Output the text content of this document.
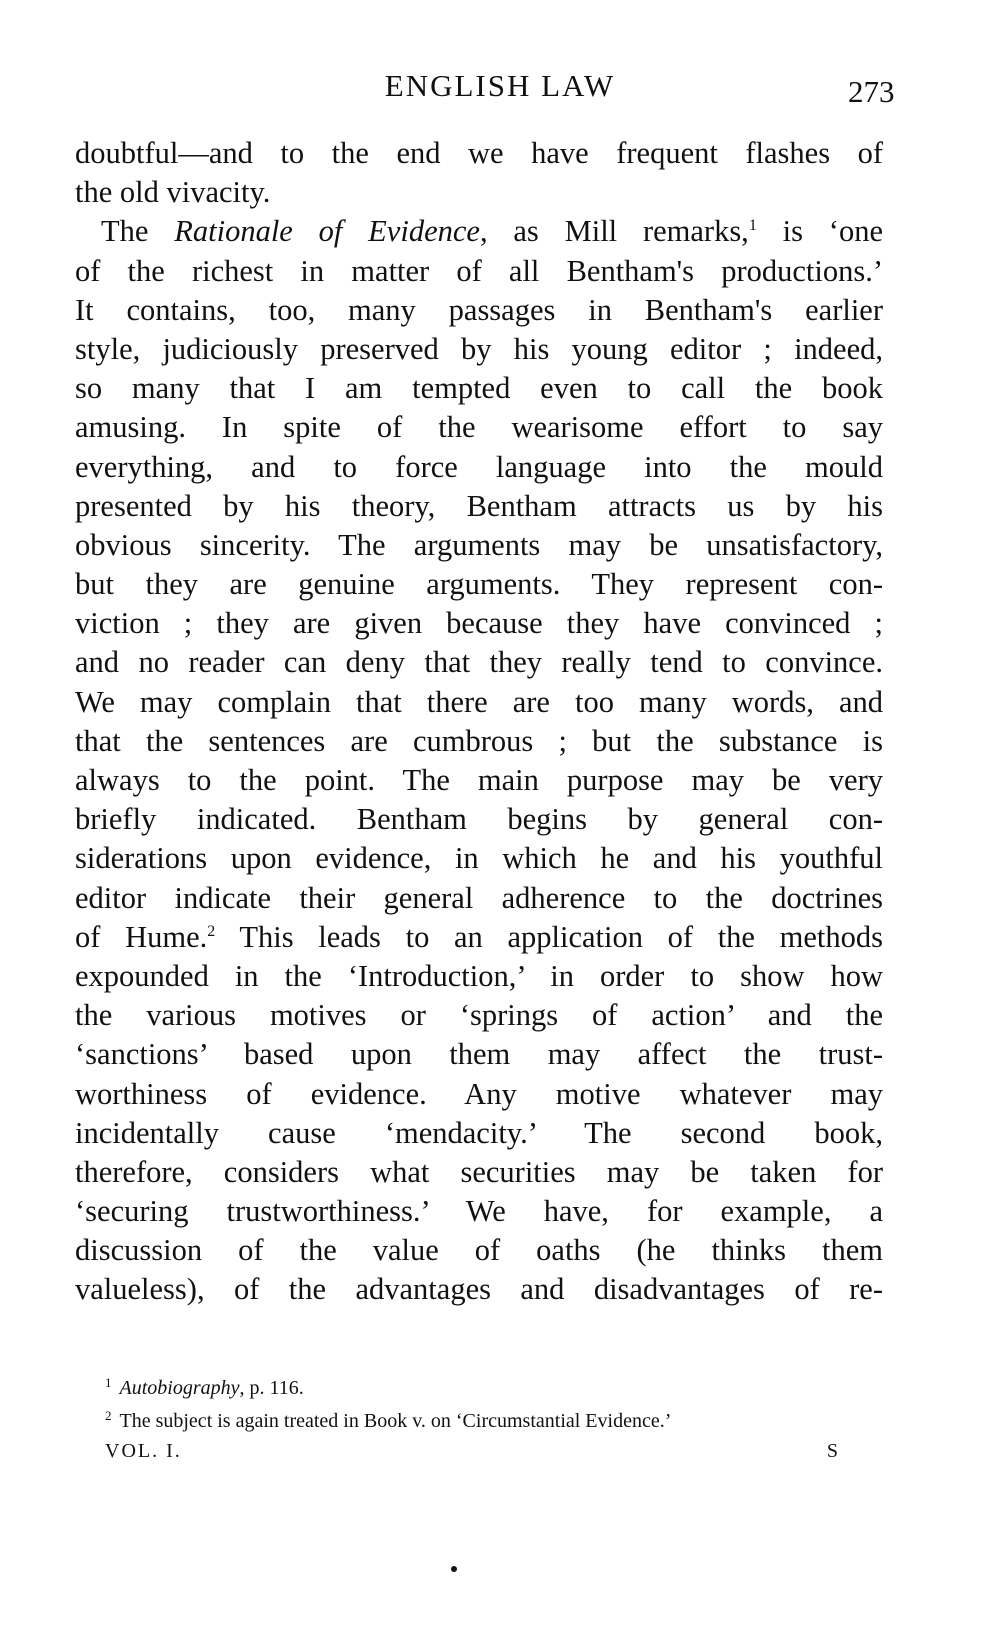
ENGLISH LAW	273
doubtful—and to the end we have frequent flashes of
the old vivacity.
The Rationale of Evidence, as Mill remarks,$^1$ is ‘one
of the richest in matter of all Bentham's productions.’
It contains, too, many passages in Bentham's earlier
style, judiciously preserved by his young editor ; indeed,
so many that I am tempted even to call the book
amusing. In spite of the wearisome effort to say
everything, and to force language into the mould
presented by his theory, Bentham attracts us by his
obvious sincerity. The arguments may be unsatisfactory,
but they are genuine arguments. They represent con-
viction ; they are given because they have convinced ;
and no reader can deny that they really tend to convince.
We may complain that there are too many words, and
that the sentences are cumbrous ; but the substance is
always to the point. The main purpose may be very
briefly indicated. Bentham begins by general con-
siderations upon evidence, in which he and his youthful
editor indicate their general adherence to the doctrines
of Hume.$^2$ This leads to an application of the methods
expounded in the ‘Introduction,’ in order to show how
the various motives or ‘springs of action’ and the
‘sanctions’ based upon them may affect the trust-
worthiness of evidence. Any motive whatever may
incidentally cause ‘mendacity.’ The second book,
therefore, considers what securities may be taken for
‘securing trustworthiness.’ We have, for example, a
discussion of the value of oaths (he thinks them
valueless), of the advantages and disadvantages of re-
$^1$ Autobiography, p. 116.
$^2$ The subject is again treated in Book v. on ‘Circumstantial Evidence.’
VOL. I.	S
